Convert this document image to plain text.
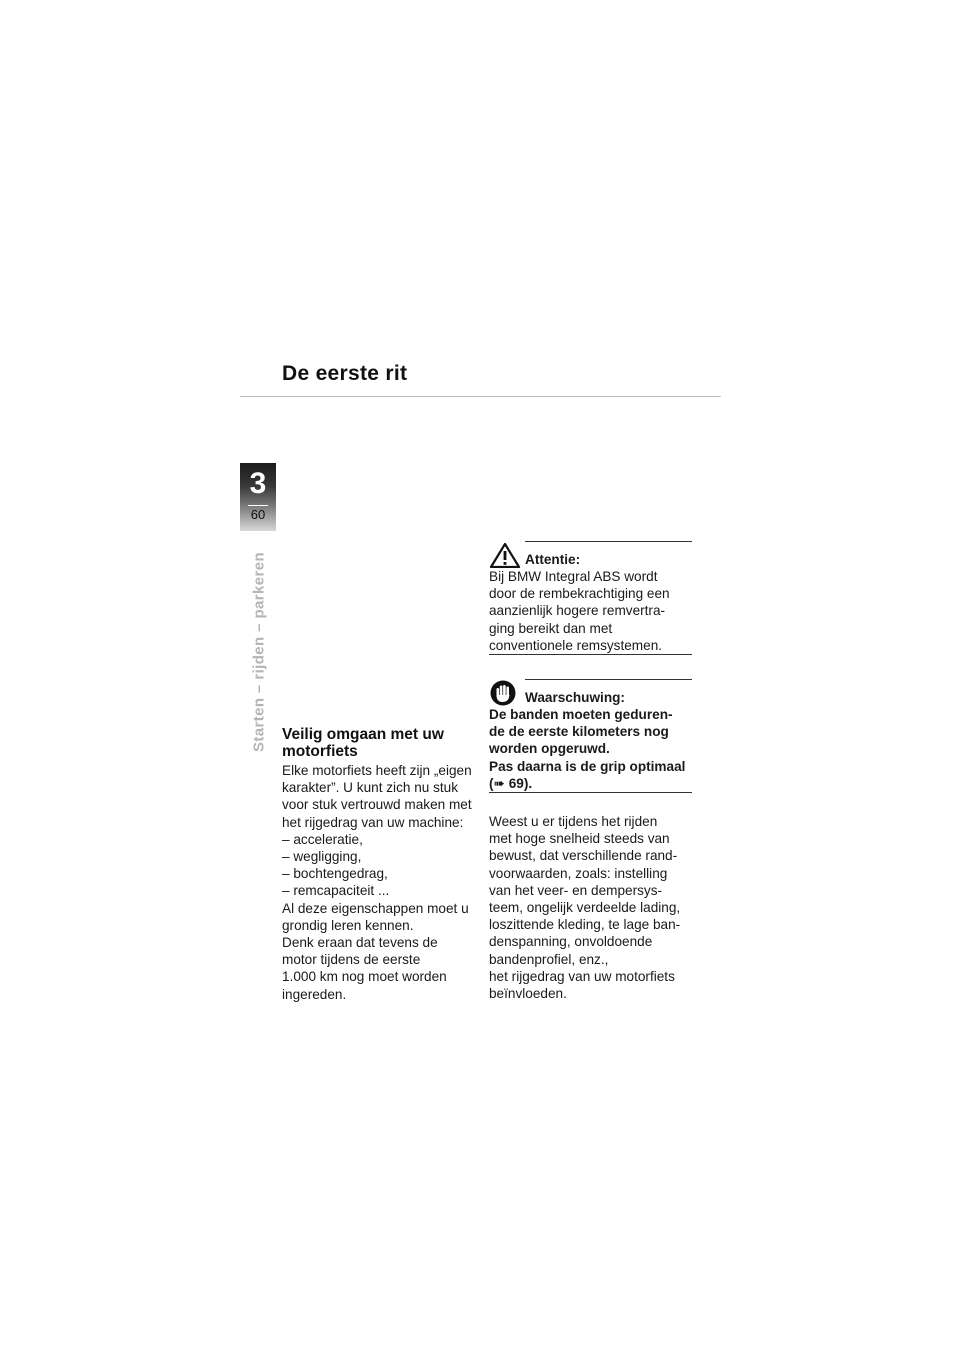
De eerste rit
3
60
Starten – rijden – parkeren Veilig omgaan met uw motorfiets

Elke motorfiets heeft zijn „eigen

karakter”. U kunt zich nu stuk

voor stuk vertrouwd maken met

het rijgedrag van uw machine:

– acceleratie,

– wegligging,

– bochtengedrag,

– remcapaciteit ...

Al deze eigenschappen moet u

grondig leren kennen.

Denk eraan dat tevens de

motor tijdens de eerste

1.000 km nog moet worden

ingereden.

Attentie:

Bij BMW Integral ABS wordt

door de rembekrachtiging een

aanzienlijk hogere remvertra-

ging bereikt dan met

conventionele remsystemen.

Waarschuwing:

De banden moeten geduren-

de de eerste kilometers nog

worden opgeruwd.

Pas daarna is de grip optimaal

(➠ 69).

Weest u er tijdens het rijden

met hoge snelheid steeds van

bewust, dat verschillende rand-

voorwaarden, zoals: instelling

van het veer- en dempersys-

teem, ongelijk verdeelde lading,

loszittende kleding, te lage ban-

denspanning, onvoldoende

bandenprofiel, enz.,

het rijgedrag van uw motorfiets

beïnvloeden.
